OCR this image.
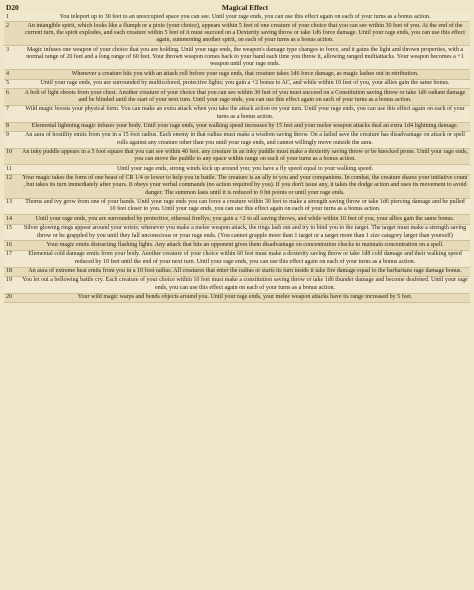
D20	Magical Effect
1	You teleport up to 30 feet to an unoccupied space you can see. Until your rage ends, you can use this effect again on each of your turns as a bonus action.
2	An intangible spirit, which looks like a flumph or a pixie (your choice), appears within 5 feet of one creature of your choice that you can see within 30 feet of you. At the end of the current turn, the spirit explodes, and each creature within 5 feet of it must succeed on a Dexterity saving throw or take 1d6 force damage. Until your rage ends, you can use this effect again, summoning another spirit, on each of your turns as a bonus action.
3	Magic infuses one weapon of your choice that you are holding. Until your rage ends, the weapon's damage type changes to force, and it gains the light and thrown properties, with a normal range of 20 feet and a long range of 60 feet. Your thrown weapon comes back to your hand each time you throw it, allowing ranged multiattacks. Your weapon becomes a +1 weapon until your rage ends.
4	Whenever a creature hits you with an attack roll before your rage ends, that creature takes 1d6 force damage, as magic lashes out in retribution.
5	Until your rage ends, you are surrounded by multicolored, protective lights; you gain a +2 bonus to AC, and while within 10 feet of you, your allies gain the same bonus.
6	A bolt of light shoots from your chest. Another creature of your choice that you can see within 30 feet of you must succeed on a Constitution saving throw or take 1d6 radiant damage and be blinded until the start of your next turn. Until your rage ends, you can use this effect again on each of your turns as a bonus action.
7	Wild magic boosts your physical form. You can make an extra attack when you take the attack action on your turn. Until your rage ends, you can use this effect again on each of your turns as a bonus action.
8	Elemental lightning magic infuses your body. Until your rage ends, your walking speed increases by 15 feet and your melee weapon attacks deal an extra 1d4 lightning damage.
9	An aura of hostility emits from you in a 15 foot radius. Each enemy in that radius must make a wisdom saving throw. On a failed save the creature has disadvantage on attack or spell rolls against any creature other than you until your rage ends, and cannot willingly move outside the aura.
10	An inky puddle appears in a 5 foot square that you can see within 40 feet. any creature in an inky puddle must make a dexterity saving throw or be knocked prone. Until your rage ends, you can move the puddle to any space within range on each of your turns as a bonus action.
11	Until your rage ends, strong winds kick up around you; you have a fly speed equal to your walking speed.
12	Your magic takes the form of one beast of CR 1/4 or lower to help you in battle. The creature is an ally to you and your companions. In combat, the creature shares your initiative count , but takes its turn immediately after yours. It obeys your verbal commands (no action required by you). If you don't issue any, it takes the dodge action and uses its movement to avoid danger. The summon lasts until it is reduced to 0 hit points or until your rage ends.
13	Thorns and ivy grow from one of your hands. Until your rage ends you can force a creature within 30 feet to make a strength saving throw or take 1d6 piercing damage and be pulled 10 feet closer to you. Until your rage ends, you can use this effect again on each of your turns as a bonus action.
14	Until your rage ends, you are surrounded by protective, ethereal fireflys; you gain a +2 to all saving throws, and while within 10 feet of you, your allies gain the same bonus.
15	Silver glowing rings appear around your wrists; whenever you make a melee weapon attack, the rings lash out and try to bind you to the target. The target must make a strength saving throw or be grappled by you until they fall unconscious or your rage ends. (You cannot grapple more than 1 target or a target more than 1 size catagory larger than yourself)
16	Your magic emits distracting flashing lights. Any attack that hits an opponent gives them disadvantage on concentration checks to maintain concentration on a spell.
17	Elemental cold damage emits from your body. Another creature of your choice within 60 feet must make a dexterity saving throw or take 1d8 cold damage and their walking speed reduced by 10 feet until the end of your next turn. Until your rage ends, you can use this effect again on each of your turns as a bonus action.
18	An aura of extreme heat emits from you in a 10 foot radius. All creatures that enter the radius or starts its turn inside it take fire damage equal to the barbarians rage damage bonus.
19	You let out a bellowing battle cry. Each creature of your choice within 10 feet must make a constitution saving throw or take 1d6 thunder damage and become deafened. Until your rage ends, you can use this effect again on each of your turns as a bonus action.
20	Your wild magic warps and bends objects around you. Until your rage ends, your melee weapon attacks have its range increased by 5 feet.
